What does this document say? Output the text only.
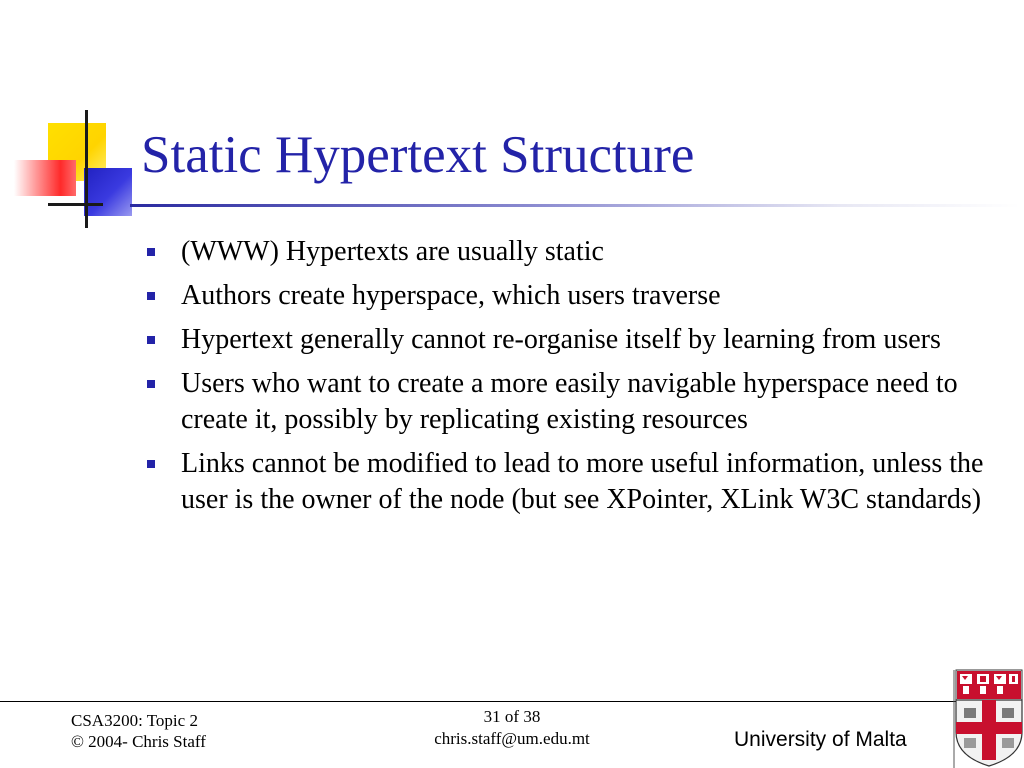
Static Hypertext Structure
(WWW) Hypertexts are usually static
Authors create hyperspace, which users traverse
Hypertext generally cannot re-organise itself by learning from users
Users who want to create a more easily navigable hyperspace need to create it, possibly by replicating existing resources
Links cannot be modified to lead to more useful information, unless the user is the owner of the node (but see XPointer, XLink W3C standards)
CSA3200: Topic 2
© 2004- Chris Staff
31 of 38
chris.staff@um.edu.mt	University of Malta
